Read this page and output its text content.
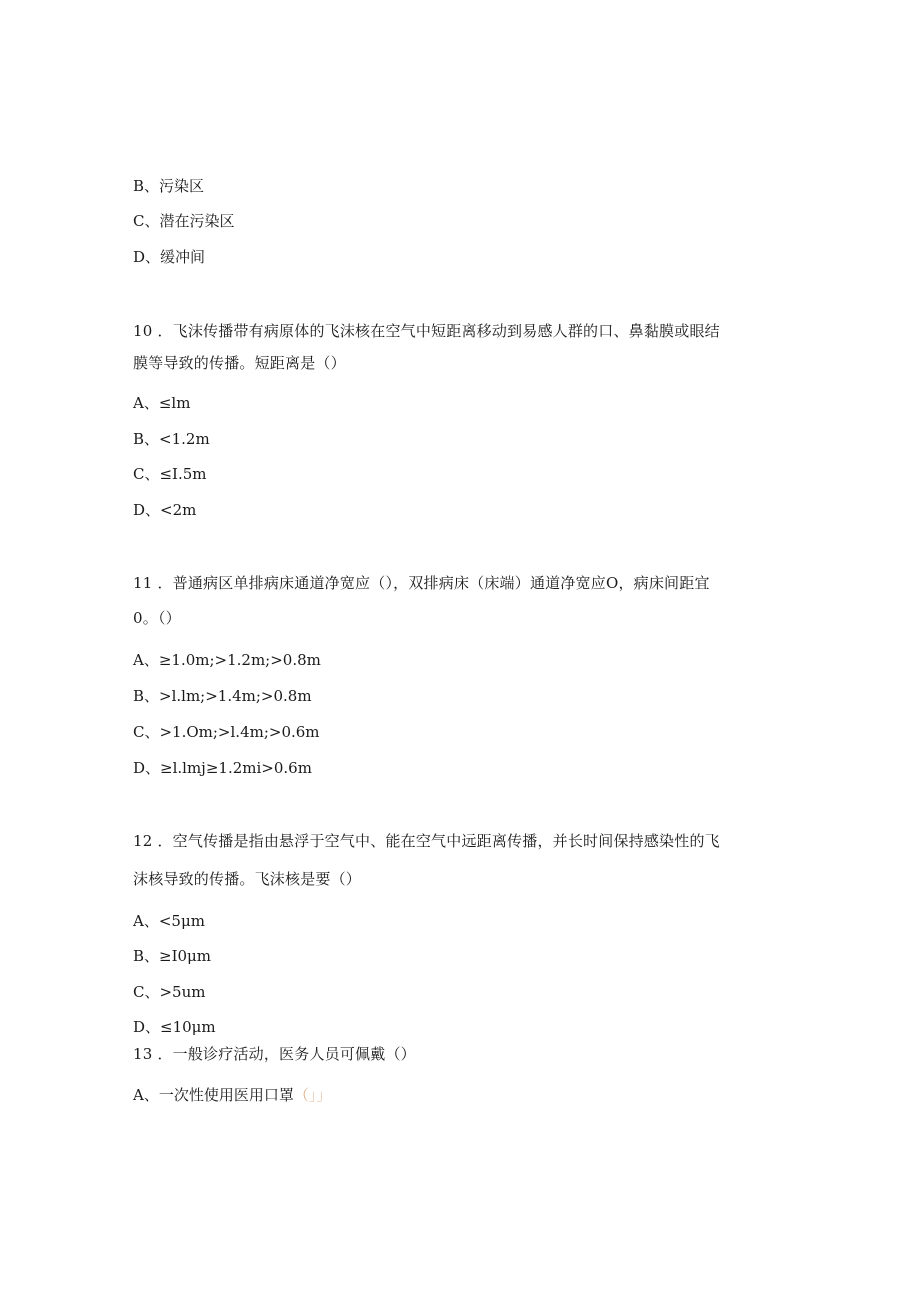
B、污染区
C、潜在污染区
D、缓冲间
10 ．飞沫传播带有病原体的飞沫核在空气中短距离移动到易感人群的口、鼻黏膜或眼结
膜等导致的传播。短距离是（）
A、≤lm
B、<1.2m
C、≤I.5m
D、<2m
11 ．普通病区单排病床通道净宽应（），双排病床（床端）通道净宽应O，病床间距宜
0。（）
A、≥1.0m;>1.2m;>0.8m
B、>l.lm;>1.4m;>0.8m
C、>1.Om;>l.4m;>0.6m
D、≥l.lmj≥1.2mi>0.6m
12 ．空气传播是指由悬浮于空气中、能在空气中远距离传播，并长时间保持感染性的飞
沫核导致的传播。飞沫核是要（）
A、<5μm
B、≥I0μm
C、>5um
D、≤10μm
13 ．一般诊疗活动，医务人员可佩戴（）
A、一次性使用医用口罩（」」
